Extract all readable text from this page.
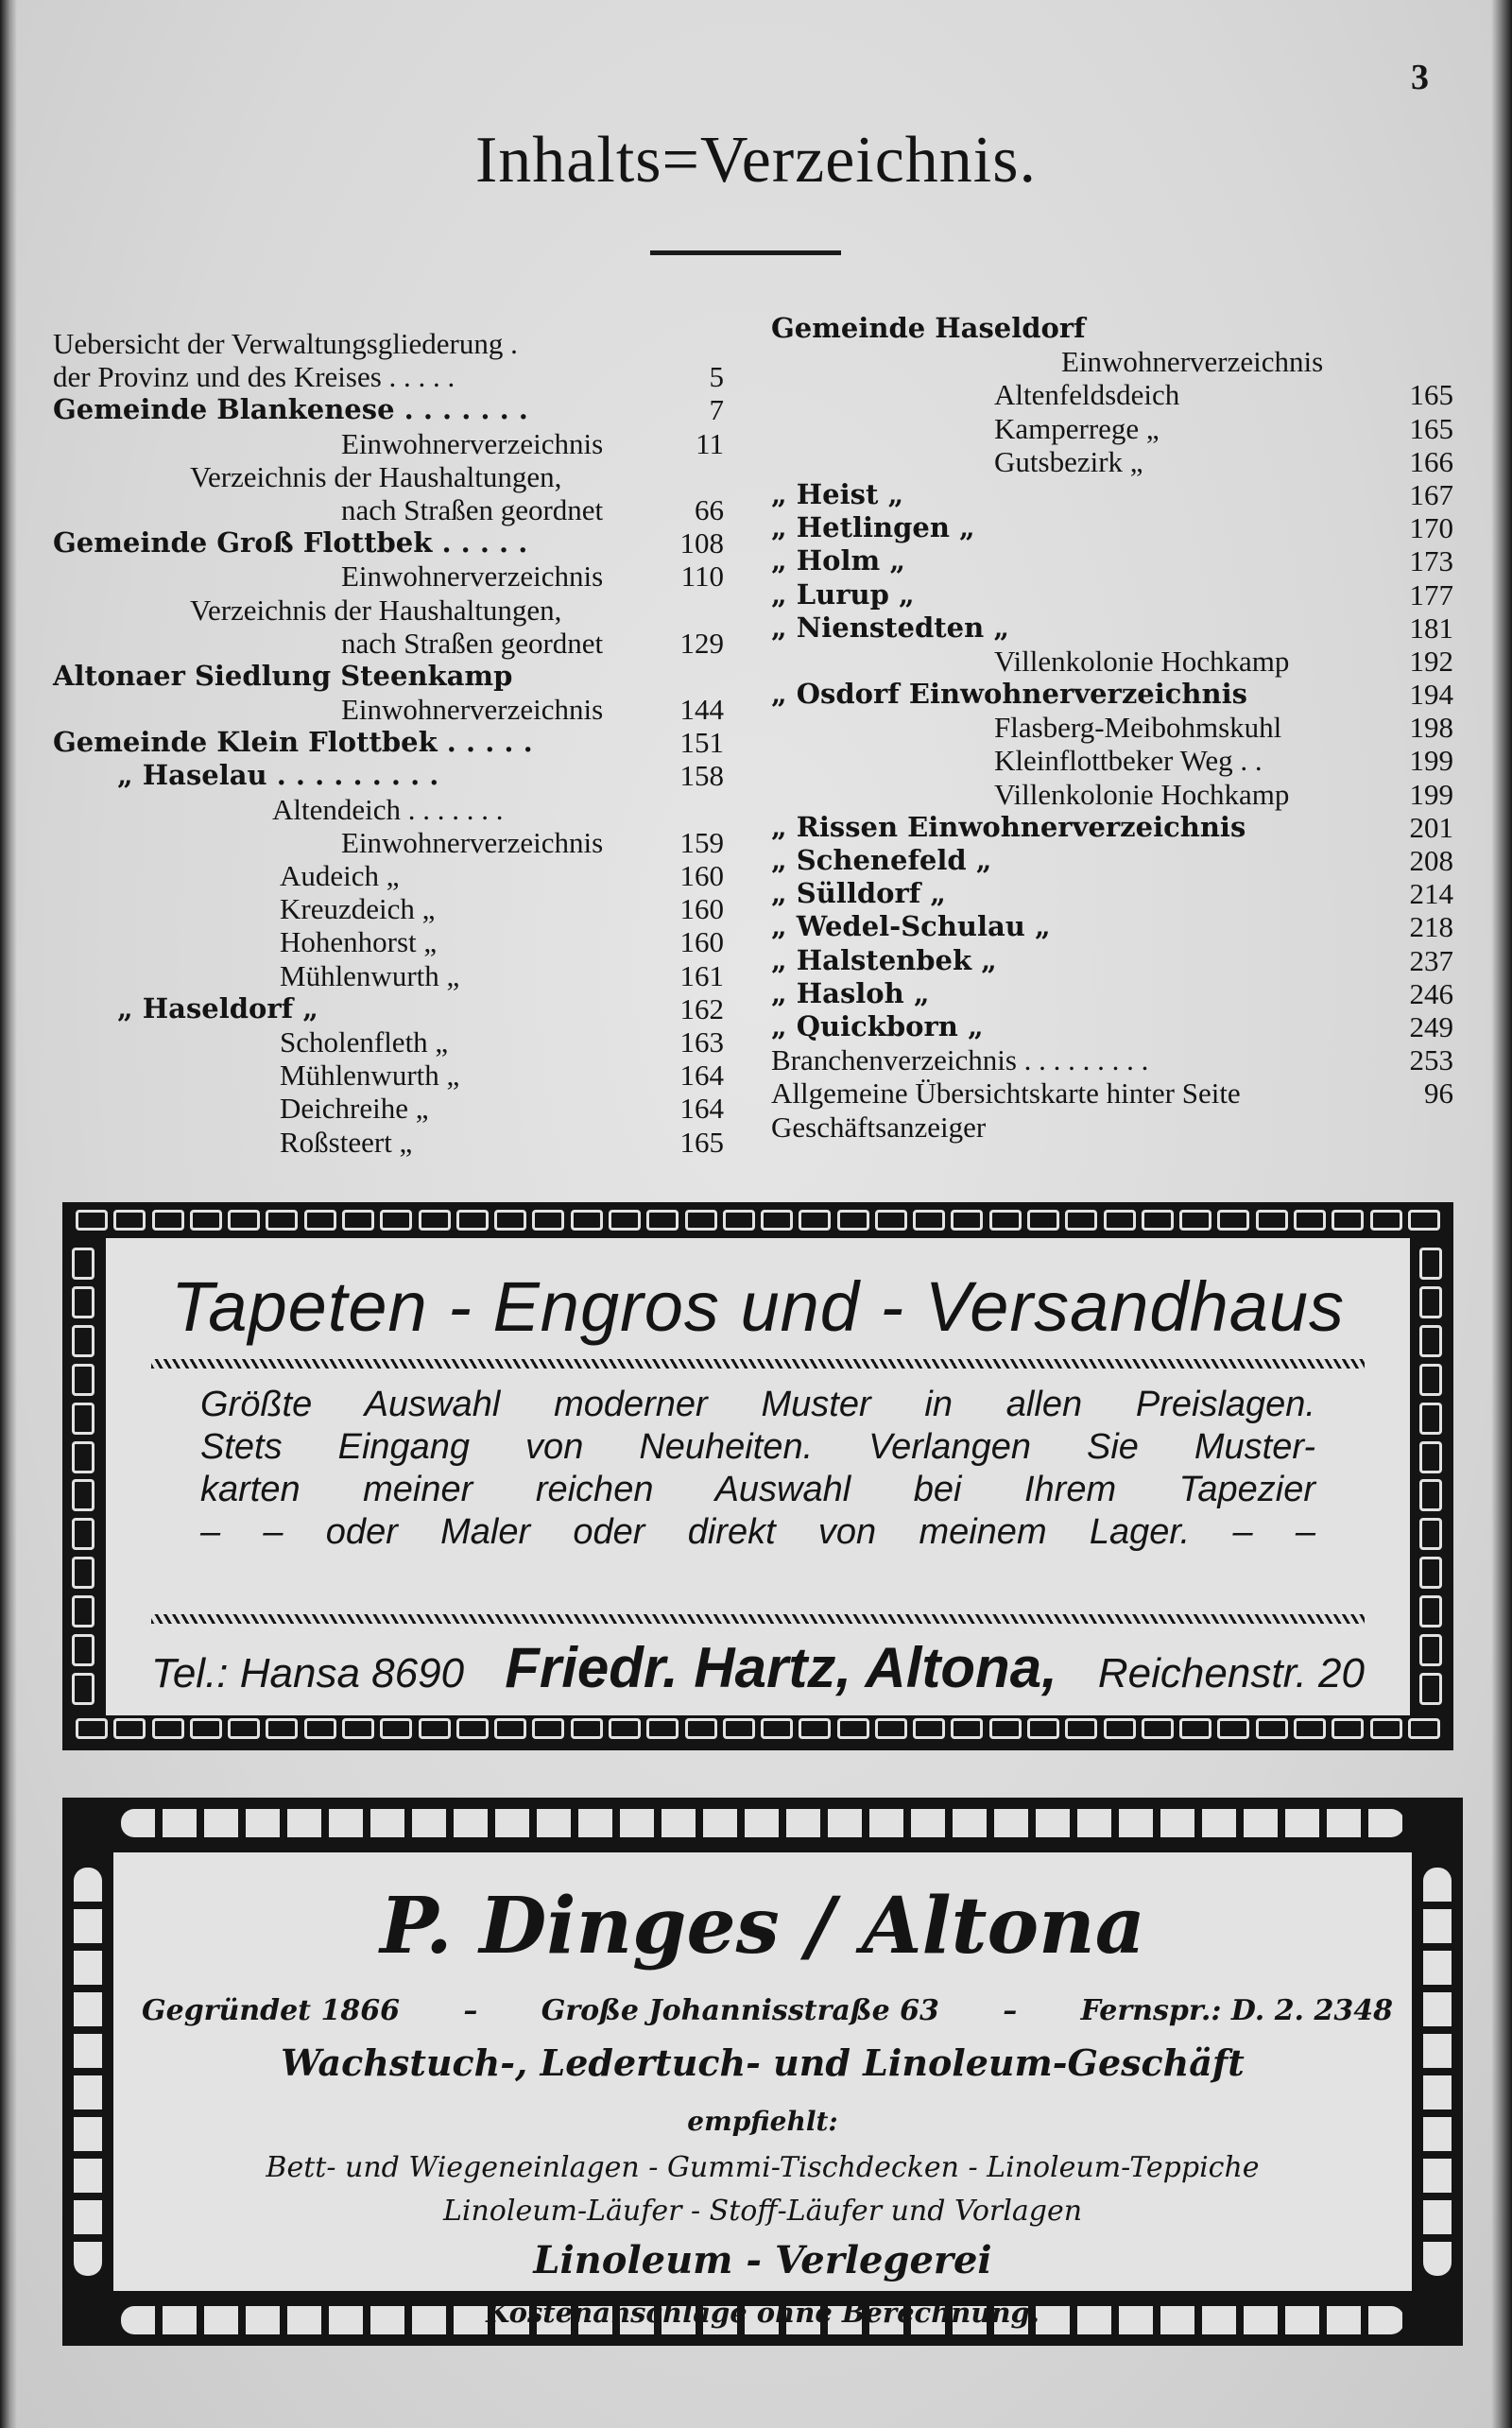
3
Inhalts=Verzeichnis.
Uebersicht der Verwaltungsgliederung .
der Provinz und des Kreises . . . . .	5
Gemeinde Blankenese . . . . . . .	7
Einwohnerverzeichnis	11
Verzeichnis der Haushaltungen,
nach Straßen geordnet	66
Gemeinde Groß Flottbek . . . . .	108
Einwohnerverzeichnis	110
Verzeichnis der Haushaltungen,
nach Straßen geordnet	129
Altonaer Siedlung Steenkamp
Einwohnerverzeichnis	144
Gemeinde Klein Flottbek . . . . .	151
„ Haselau . . . . . . . . .	158
Altendeich . . . . . . .
Einwohnerverzeichnis	159
Audeich „	160
Kreuzdeich „	160
Hohenhorst „	160
Mühlenwurth „	161
„ Haseldorf „	162
Scholenfleth „	163
Mühlenwurth „	164
Deichreihe „	164
Roßsteert „	165
Gemeinde Haseldorf
Einwohnerverzeichnis
Altenfeldsdeich	165
Kamperrege „	165
Gutsbezirk „	166
„ Heist „	167
„ Hetlingen „	170
„ Holm „	173
„ Lurup „	177
„ Nienstedten „	181
Villenkolonie Hochkamp	192
„ Osdorf Einwohnerverzeichnis	194
Flasberg-Meibohmskuhl	198
Kleinflottbeker Weg . .	199
Villenkolonie Hochkamp	199
„ Rissen Einwohnerverzeichnis	201
„ Schenefeld „	208
„ Sülldorf „	214
„ Wedel-Schulau „	218
„ Halstenbek „	237
„ Hasloh „	246
„ Quickborn „	249
Branchenverzeichnis . . . . . . . . .	253
Allgemeine Übersichtskarte hinter Seite	96
Geschäftsanzeiger
Tapeten - Engros und - Versandhaus
Größte Auswahl moderner Muster in allen Preislagen.
Stets Eingang von Neuheiten. Verlangen Sie Muster-
karten meiner reichen Auswahl bei Ihrem Tapezier
– – oder Maler oder direkt von meinem Lager. – –
Tel.: Hansa 8690 Friedr. Hartz, Altona, Reichenstr. 20
P. Dinges / Altona
Gegründet 1866 – Große Johannisstraße 63 – Fernspr.: D. 2. 2348
Wachstuch-, Ledertuch- und Linoleum-Geschäft
empfiehlt:
Bett- und Wiegeneinlagen - Gummi-Tischdecken - Linoleum-Teppiche
Linoleum-Läufer - Stoff-Läufer und Vorlagen
Linoleum - Verlegerei
Kostenanschläge ohne Berechnung.
